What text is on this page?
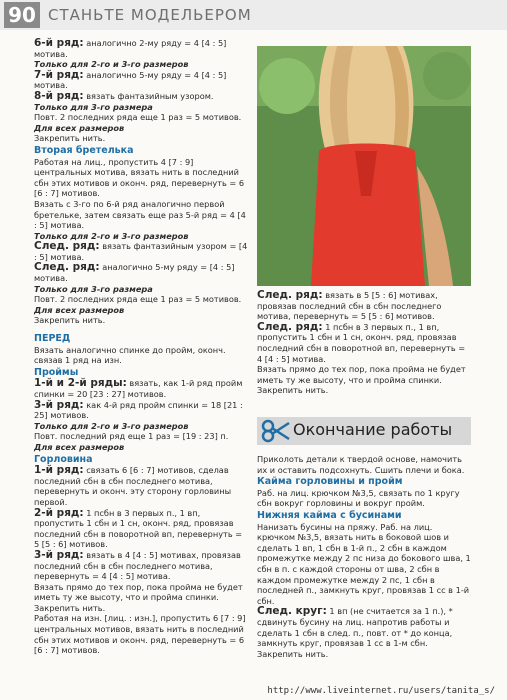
90 СТАНЬТЕ МОДЕЛЬЕРОМ
6-й ряд: аналогично 2-му ряду = 4 [4 : 5] мотива.
Только для 2-го и 3-го размеров
7-й ряд: аналогично 5-му ряду = 4 [4 : 5] мотива.
8-й ряд: вязать фантазийным узором.
Только для 3-го размера
Повт. 2 последних ряда еще 1 раз = 5 мотивов.
Для всех размеров
Закрепить нить.
Вторая бретелька
Работая на лиц., пропустить 4 [7 : 9] центральных мотива, вязать нить в последний сбн этих мотивов и оконч. ряд, перевернуть = 6 [6 : 7] мотивов.
Вязать с 3-го по 6-й ряд аналогично первой бретельке, затем связать еще раз 5-й ряд = 4 [4 : 5] мотива.
Только для 2-го и 3-го размеров
След. ряд: вязать фантазийным узором = [4 : 5] мотива.
След. ряд: аналогично 5-му ряду = [4 : 5] мотива.
Только для 3-го размера
Повт. 2 последних ряда еще 1 раз = 5 мотивов.
Для всех размеров
Закрепить нить.
ПЕРЕД
Вязать аналогично спинке до пройм, оконч. связав 1 ряд на изн.
Проймы
1-й и 2-й ряды: вязать, как 1-й ряд пройм спинки = 20 [23 : 27] мотивов.
3-й ряд: как 4-й ряд пройм спинки = 18 [21 : 25] мотивов.
Только для 2-го и 3-го размеров
Повт. последний ряд еще 1 раз = [19 : 23] п.
Для всех размеров
Горловина
1-й ряд: связать 6 [6 : 7] мотивов, сделав последний сбн в сбн последнего мотива, перевернуть и оконч. эту сторону горловины первой.
2-й ряд: 1 псбн в 3 первых п., 1 вп, пропустить 1 сбн и 1 сн, оконч. ряд, провязав последний сбн в поворотной вп, перевернуть = 5 [5 : 6] мотивов.
3-й ряд: вязать в 4 [4 : 5] мотивах, провязав последний сбн в сбн последнего мотива, перевернуть = 4 [4 : 5] мотива.
Вязать прямо до тех пор, пока пройма не будет иметь ту же высоту, что и пройма спинки. Закрепить нить.
Работая на изн. [лиц. : изн.], пропустить 6 [7 : 9] центральных мотивов, вязать нить в последний сбн этих мотивов и оконч. ряд, перевернуть = 6 [6 : 7] мотивов.
След. ряд: вязать в 5 [5 : 6] мотивах, провязав последний сбн в сбн последнего мотива, перевернуть = 5 [5 : 6] мотивов.
След. ряд: 1 псбн в 3 первых п., 1 вп, пропустить 1 сбн и 1 сн, оконч. ряд, провязав последний сбн в поворотной вп, перевернуть = 4 [4 : 5] мотива.
Вязать прямо до тех пор, пока пройма не будет иметь ту же высоту, что и пройма спинки. Закрепить нить.
Окончание работы
Приколоть детали к твердой основе, намочить их и оставить подсохнуть. Сшить плечи и бока.
Кайма горловины и пройм
Раб. на лиц. крючком №3,5, связать по 1 кругу сбн вокруг горловины и вокруг пройм.
Нижняя кайма с бусинами
Нанизать бусины на пряжу. Раб. на лиц. крючком №3,5, вязать нить в боковой шов и сделать 1 вп, 1 сбн в 1-й п., 2 сбн в каждом промежутке между 2 пс низа до бокового шва, 1 сбн в п. с каждой стороны от шва, 2 сбн в каждом промежутке между 2 пс, 1 сбн в последней п., замкнуть круг, провязав 1 сс в 1-й сбн.
След. круг: 1 вп (не считается за 1 п.), * сдвинуть бусину на лиц. напротив работы и сделать 1 сбн в след. п., повт. от * до конца, замкнуть круг, провязав 1 сс в 1-м сбн. Закрепить нить.
http://www.liveinternet.ru/users/tanita_s/
